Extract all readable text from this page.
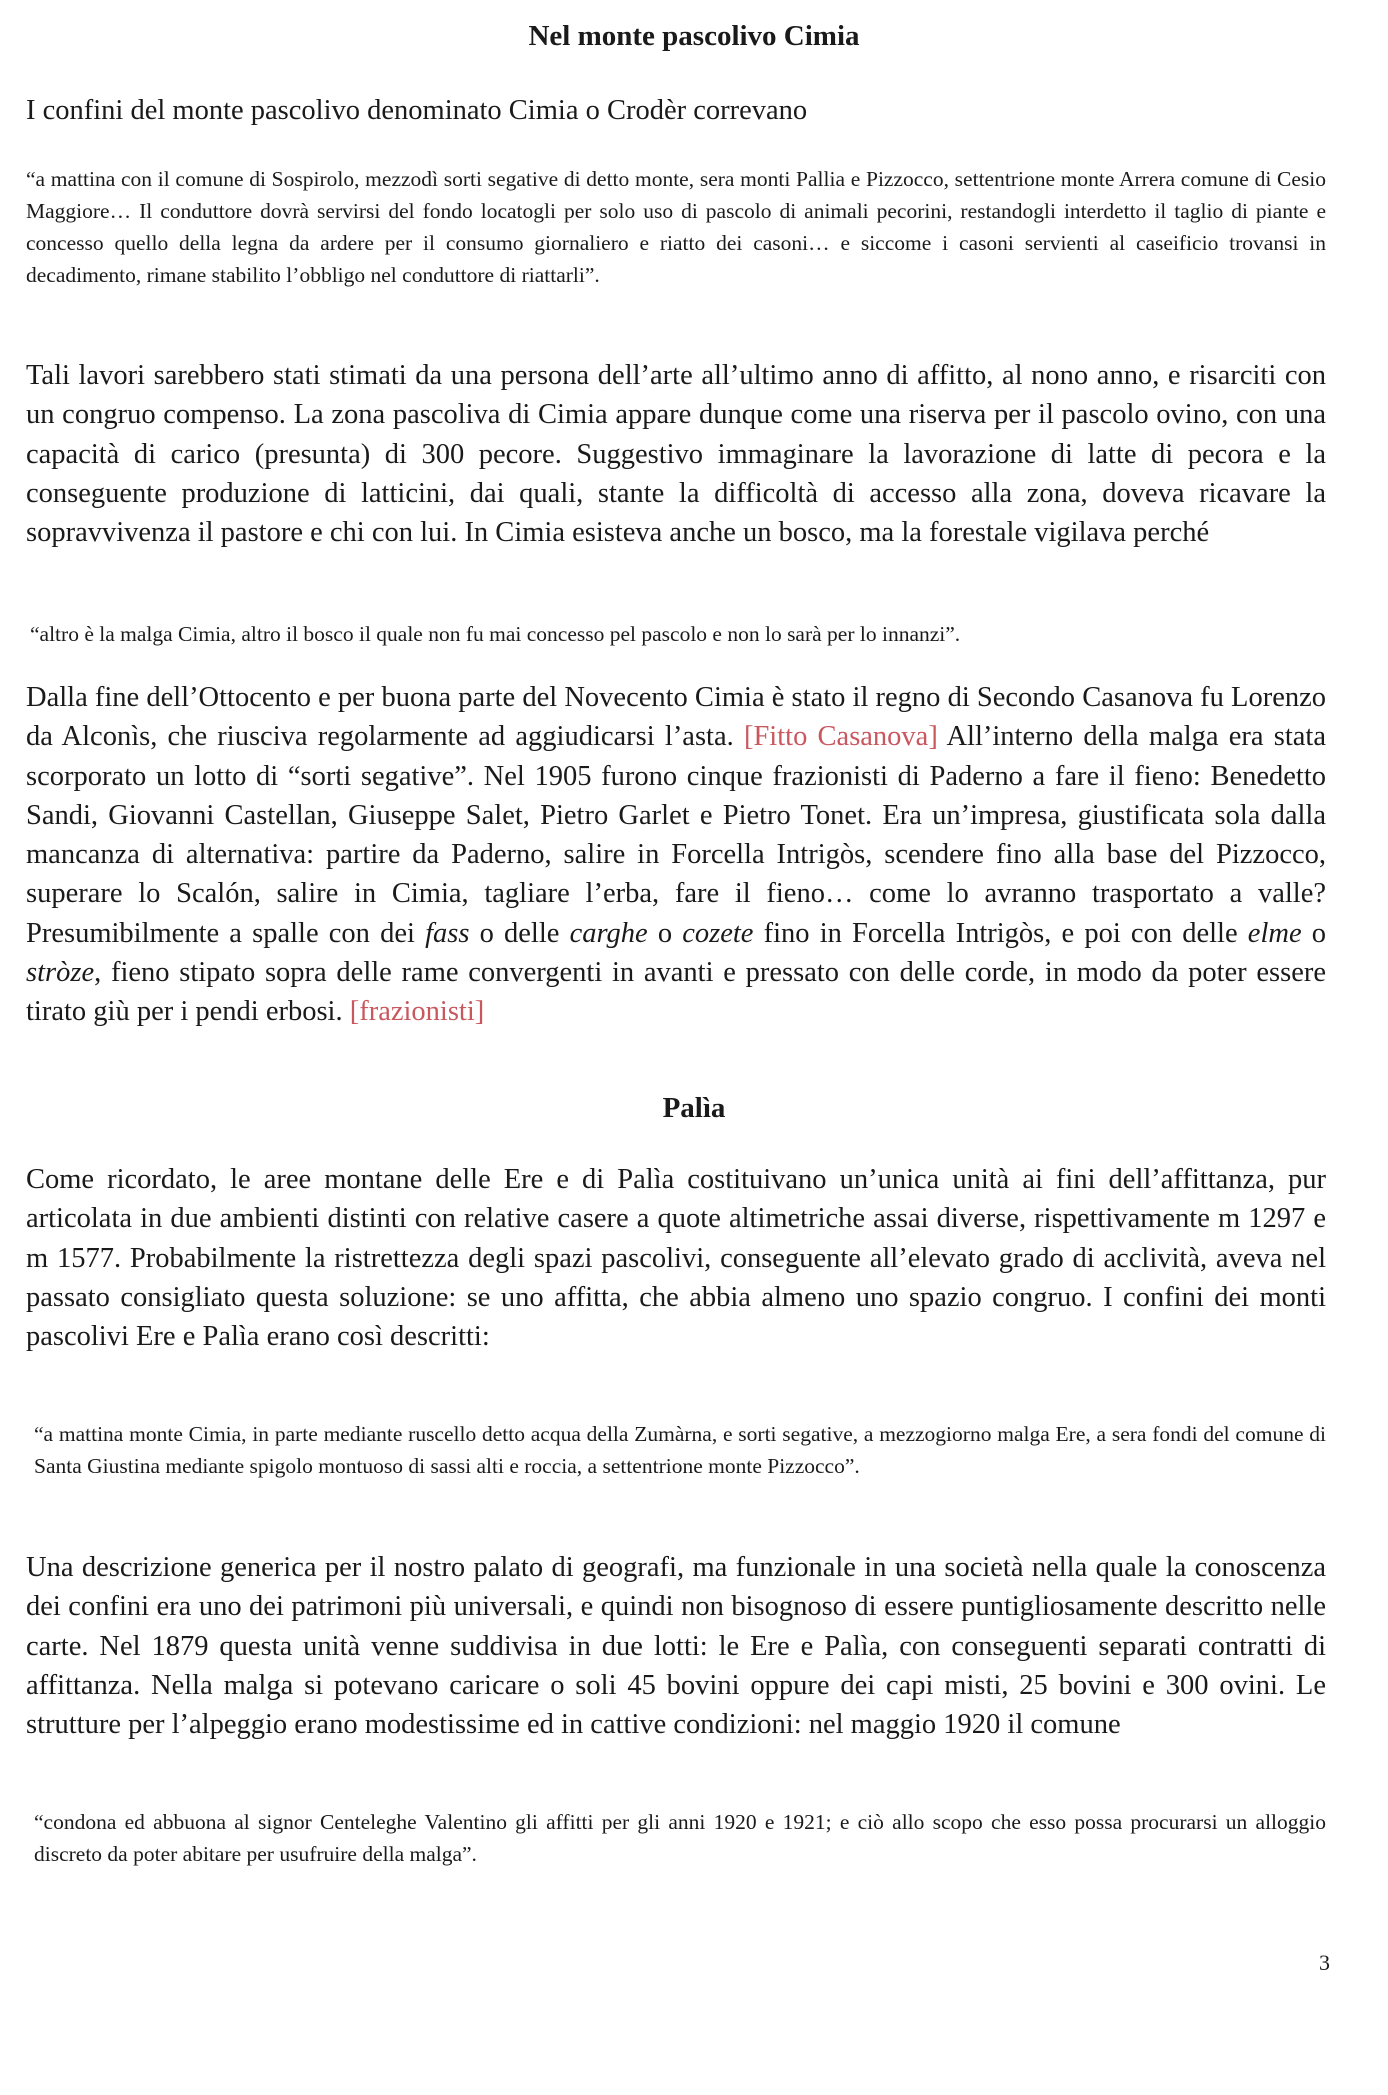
Nel monte pascolivo Cimia
I confini del monte pascolivo denominato Cimia o Crodèr correvano
“a mattina con il comune di Sospirolo, mezzodì sorti segative di detto monte, sera monti Pallia e Pizzocco, settentrione monte Arrera comune di Cesio Maggiore… Il conduttore dovrà servirsi del fondo locatogli per solo uso di pascolo di animali pecorini, restandogli interdetto il taglio di piante e concesso quello della legna da ardere per il consumo giornaliero e riatto dei casoni… e siccome i casoni servienti al caseificio trovansi in decadimento, rimane stabilito l’obbligo nel conduttore di riattarli”.
Tali lavori sarebbero stati stimati da una persona dell’arte all’ultimo anno di affitto, al nono anno, e risarciti con un congruo compenso. La zona pascoliva di Cimia appare dunque come una riserva per il pascolo ovino, con una capacità di carico (presunta) di 300 pecore. Suggestivo immaginare la lavorazione di latte di pecora e la conseguente produzione di latticini, dai quali, stante la difficoltà di accesso alla zona, doveva ricavare la sopravvivenza il pastore e chi con lui. In Cimia esisteva anche un bosco, ma la forestale vigilava perché
“altro è la malga Cimia, altro il bosco il quale non fu mai concesso pel pascolo e non lo sarà per lo innanzi”.
Dalla fine dell’Ottocento e per buona parte del Novecento Cimia è stato il regno di Secondo Casanova fu Lorenzo da Alconìs, che riusciva regolarmente ad aggiudicarsi l’asta. [Fitto Casanova] All’interno della malga era stata scorporato un lotto di “sorti segative”. Nel 1905 furono cinque frazionisti di Paderno a fare il fieno: Benedetto Sandi, Giovanni Castellan, Giuseppe Salet, Pietro Garlet e Pietro Tonet. Era un’impresa, giustificata sola dalla mancanza di alternativa: partire da Paderno, salire in Forcella Intrigòs, scendere fino alla base del Pizzocco, superare lo Scalón, salire in Cimia, tagliare l’erba, fare il fieno… come lo avranno trasportato a valle? Presumibilmente a spalle con dei fass o delle carghe o cozete fino in Forcella Intrigòs, e poi con delle elme o stròze, fieno stipato sopra delle rame convergenti in avanti e pressato con delle corde, in modo da poter essere tirato giù per i pendi erbosi. [frazionisti]
Palìa
Come ricordato, le aree montane delle Ere e di Palìa costituivano un’unica unità ai fini dell’affittanza, pur articolata in due ambienti distinti con relative casere a quote altimetriche assai diverse, rispettivamente m 1297 e m 1577. Probabilmente la ristrettezza degli spazi pascolivi, conseguente all’elevato grado di acclività, aveva nel passato consigliato questa soluzione: se uno affitta, che abbia almeno uno spazio congruo. I confini dei monti pascolivi Ere e Palìa erano così descritti:
“a mattina monte Cimia, in parte mediante ruscello detto acqua della Zumàrna, e sorti segative, a mezzogiorno malga Ere, a sera fondi del comune di Santa Giustina mediante spigolo montuoso di sassi alti e roccia, a settentrione monte Pizzocco”.
Una descrizione generica per il nostro palato di geografi, ma funzionale in una società nella quale la conoscenza dei confini era uno dei patrimoni più universali, e quindi non bisognoso di essere puntigliosamente descritto nelle carte. Nel 1879 questa unità venne suddivisa in due lotti: le Ere e Palìa, con conseguenti separati contratti di affittanza. Nella malga si potevano caricare o soli 45 bovini oppure dei capi misti, 25 bovini e 300 ovini. Le strutture per l’alpeggio erano modestissime ed in cattive condizioni: nel maggio 1920 il comune
“condona ed abbuona al signor Centeleghe Valentino gli affitti per gli anni 1920 e 1921; e ciò allo scopo che esso possa procurarsi un alloggio discreto da poter abitare per usufruire della malga”.
3
